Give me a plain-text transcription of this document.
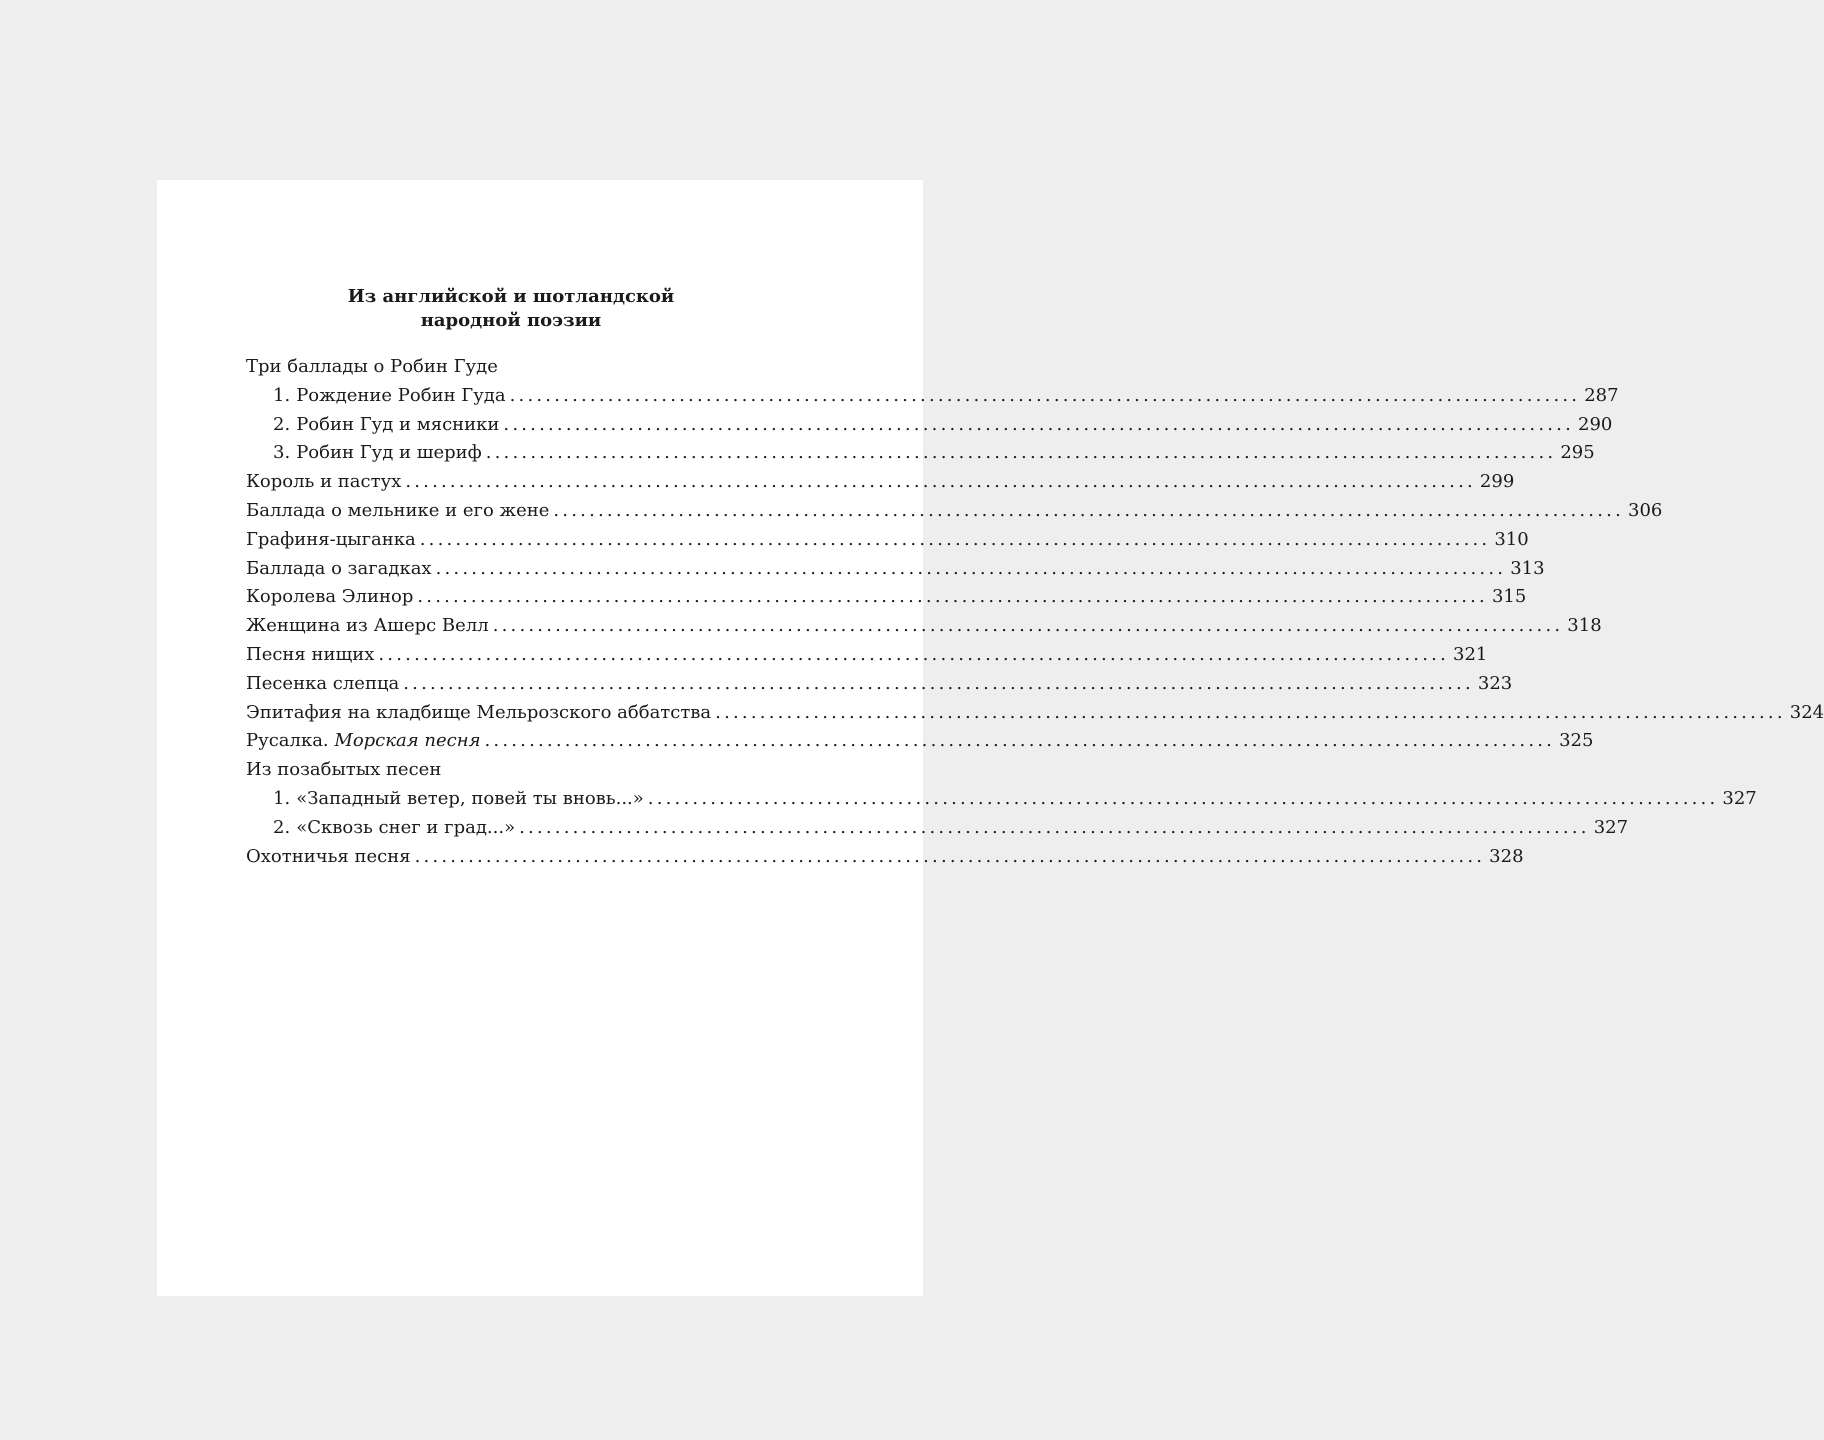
Из английской и шотландской
народной поэзии
Три баллады о Робин Гуде
1. Рождение Робин Гуда ........................................................................................................................ 287
2. Робин Гуд и мясники ........................................................................................................................ 290
3. Робин Гуд и шериф ........................................................................................................................ 295
Король и пастух ........................................................................................................................ 299
Баллада о мельнике и его жене ........................................................................................................................ 306
Графиня-цыганка ........................................................................................................................ 310
Баллада о загадках ........................................................................................................................ 313
Королева Элинор ........................................................................................................................ 315
Женщина из Ашерс Велл ........................................................................................................................ 318
Песня нищих ........................................................................................................................ 321
Песенка слепца ........................................................................................................................ 323
Эпитафия на кладбище Мельрозского аббатства ........................................................................................................................ 324
Русалка. Морская песня ........................................................................................................................ 325
Из позабытых песен
1. «Западный ветер, повей ты вновь...» ........................................................................................................................ 327
2. «Сквозь снег и град...» ........................................................................................................................ 327
Охотничья песня ........................................................................................................................ 328
